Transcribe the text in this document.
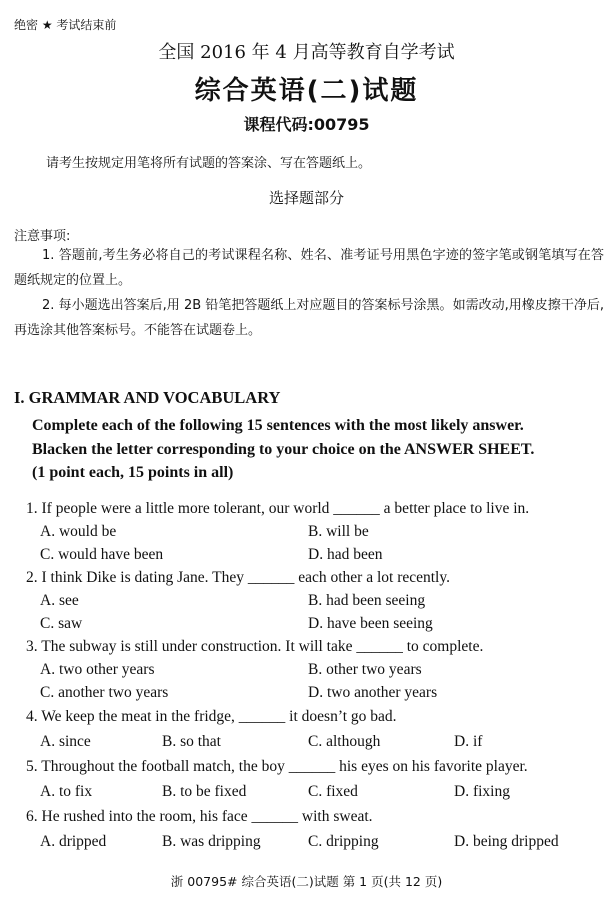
绝密 ★ 考试结束前
全国 2016 年 4 月高等教育自学考试
综合英语(二)试题
课程代码:00795
请考生按规定用笔将所有试题的答案涂、写在答题纸上。
选择题部分
注意事项:
1. 答题前,考生务必将自己的考试课程名称、姓名、准考证号用黑色字迹的签字笔或钢笔填写在答题纸规定的位置上。
2. 每小题选出答案后,用 2B 铅笔把答题纸上对应题目的答案标号涂黑。如需改动,用橡皮擦干净后,再选涂其他答案标号。不能答在试题卷上。
I. GRAMMAR AND VOCABULARY
Complete each of the following 15 sentences with the most likely answer.
Blacken the letter corresponding to your choice on the ANSWER SHEET.
(1 point each, 15 points in all)
1. If people were a little more tolerant, our world ______ a better place to live in.
A. would be	B. will be
C. would have been	D. had been
2. I think Dike is dating Jane. They ______ each other a lot recently.
A. see	B. had been seeing
C. saw	D. have been seeing
3. The subway is still under construction. It will take ______ to complete.
A. two other years	B. other two years
C. another two years	D. two another years
4. We keep the meat in the fridge, ______ it doesn’t go bad.
A. since	B. so that	C. although	D. if
5. Throughout the football match, the boy ______ his eyes on his favorite player.
A. to fix	B. to be fixed	C. fixed	D. fixing
6. He rushed into the room, his face ______ with sweat.
A. dripped	B. was dripping	C. dripping	D. being dripped
浙 00795# 综合英语(二)试题 第 1 页(共 12 页)
